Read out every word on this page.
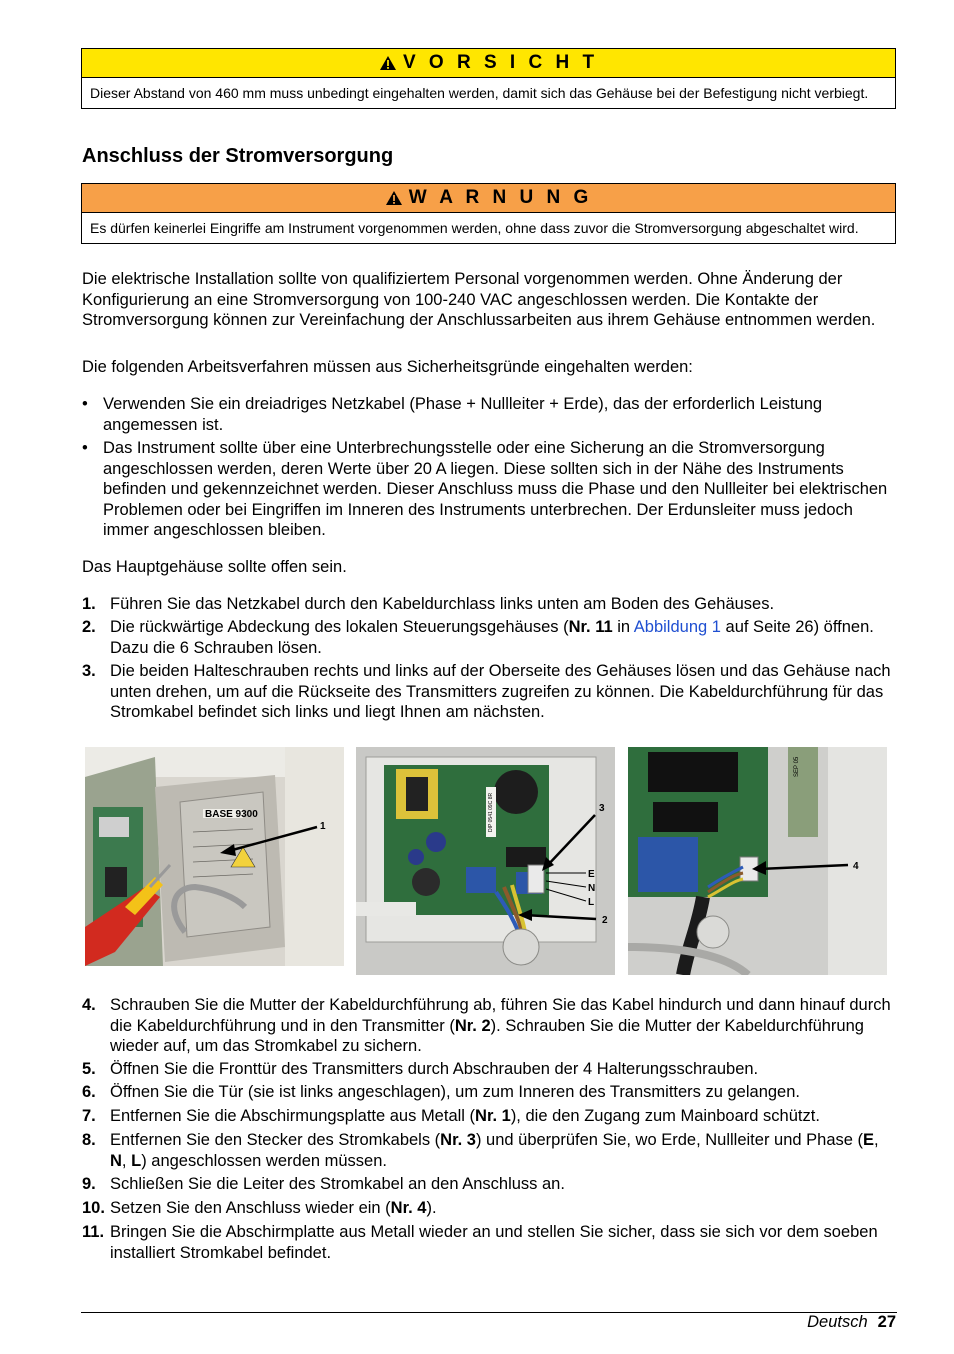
V O R S I C H T
Dieser Abstand von 460 mm muss unbedingt eingehalten werden, damit sich das Gehäuse bei der Befestigung nicht verbiegt.
Anschluss der Stromversorgung
W A R N U N G
Es dürfen keinerlei Eingriffe am Instrument vorgenommen werden, ohne dass zuvor die Stromversorgung abgeschaltet wird.

Die elektrische Installation sollte von qualifiziertem Personal vorgenommen werden. Ohne Änderung der Konfigurierung an eine Stromversorgung von 100-240 VAC angeschlossen werden. Die Kontakte der Stromversorgung können zur Vereinfachung der Anschlussarbeiten aus ihrem Gehäuse entnommen werden.

Die folgenden Arbeitsverfahren müssen aus Sicherheitsgründe eingehalten werden:

• Verwenden Sie ein dreiadriges Netzkabel (Phase + Nullleiter + Erde), das der erforderlich Leistung angemessen ist.
• Das Instrument sollte über eine Unterbrechungsstelle oder eine Sicherung an die Stromversorgung angeschlossen werden, deren Werte über 20 A liegen. Diese sollten sich in der Nähe des Instruments befinden und gekennzeichnet werden. Dieser Anschluss muss die Phase und den Nullleiter bei elektrischen Problemen oder bei Eingriffen im Inneren des Instruments unterbrechen. Der Erdunsleiter muss jedoch immer angeschlossen bleiben.

Das Hauptgehäuse sollte offen sein.

1. Führen Sie das Netzkabel durch den Kabeldurchlass links unten am Boden des Gehäuses.
2. Die rückwärtige Abdeckung des lokalen Steuerungsgehäuses (Nr. 11 in Abbildung 1 auf Seite 26) öffnen. Dazu die 6 Schrauben lösen.
3. Die beiden Halteschrauben rechts und links auf der Oberseite des Gehäuses lösen und das Gehäuse nach unten drehen, um auf die Rückseite des Transmitters zugreifen zu können. Die Kabeldurchführung für das Stromkabel befindet sich links und liegt Ihnen am nächsten.
BASE 9300
1	DIP 0541 09C 8R	3
E
N
L
2
SEP 05
4
4. Schrauben Sie die Mutter der Kabeldurchführung ab, führen Sie das Kabel hindurch und dann hinauf durch die Kabeldurchführung und in den Transmitter (Nr. 2). Schrauben Sie die Mutter der Kabeldurchführung wieder auf, um das Stromkabel zu sichern.
5. Öffnen Sie die Fronttür des Transmitters durch Abschrauben der 4 Halterungsschrauben.
6. Öffnen Sie die Tür (sie ist links angeschlagen), um zum Inneren des Transmitters zu gelangen.
7. Entfernen Sie die Abschirmungsplatte aus Metall (Nr. 1), die den Zugang zum Mainboard schützt.
8. Entfernen Sie den Stecker des Stromkabels (Nr. 3) und überprüfen Sie, wo Erde, Nullleiter und Phase (E, N, L) angeschlossen werden müssen.
9. Schließen Sie die Leiter des Stromkabel an den Anschluss an.
10. Setzen Sie den Anschluss wieder ein (Nr. 4).
11. Bringen Sie die Abschirmplatte aus Metall wieder an und stellen Sie sicher, dass sie sich vor dem soeben installiert Stromkabel befindet.
Deutsch 27
